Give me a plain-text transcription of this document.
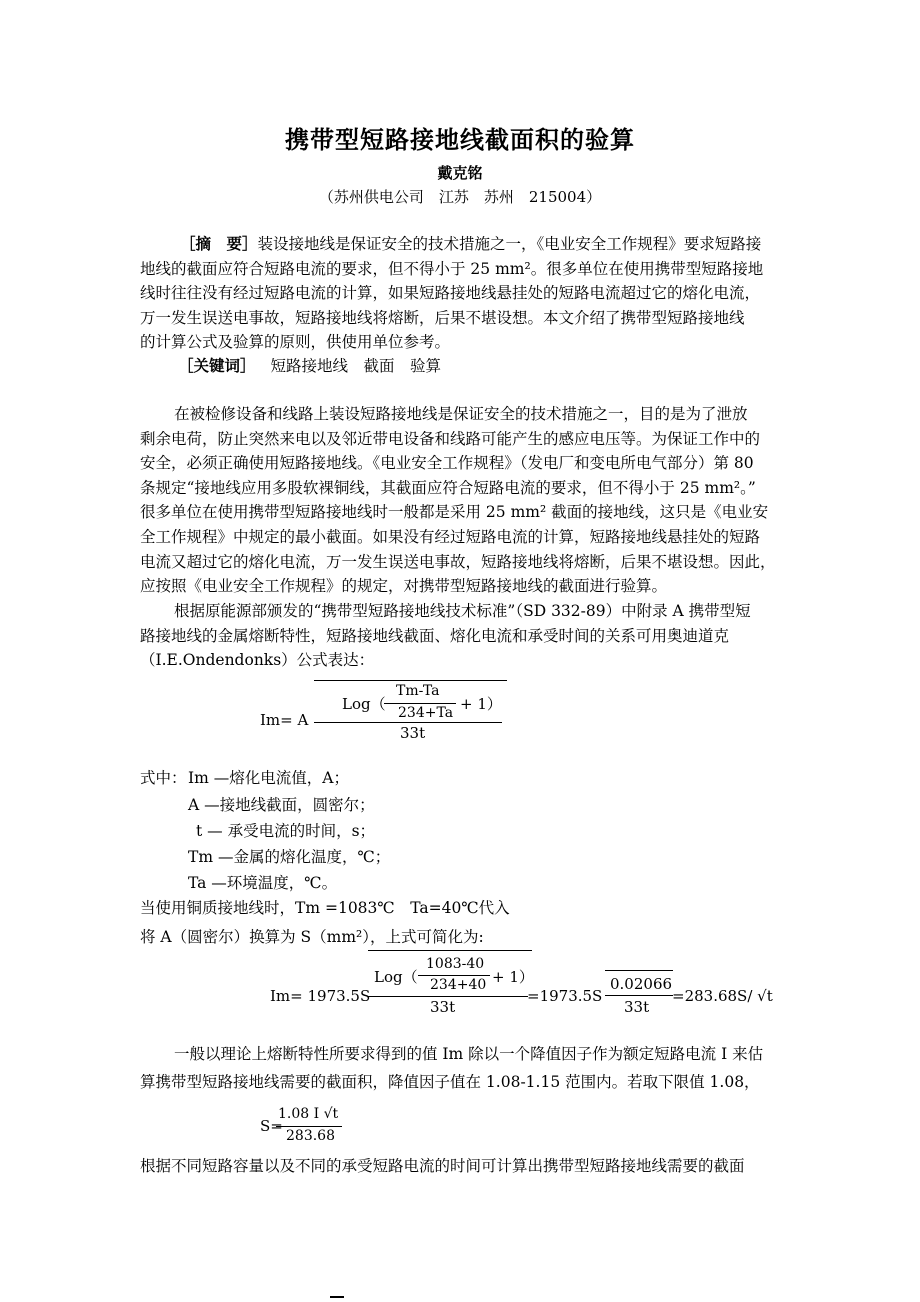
携带型短路接地线截面积的验算
戴克铭
（苏州供电公司　江苏　苏州　215004）
［摘　要］装设接地线是保证安全的技术措施之一，《电业安全工作规程》要求短路接
地线的截面应符合短路电流的要求，但不得小于 25 mm²。很多单位在使用携带型短路接地
线时往往没有经过短路电流的计算，如果短路接地线悬挂处的短路电流超过它的熔化电流，
万一发生误送电事故，短路接地线将熔断，后果不堪设想。本文介绍了携带型短路接地线
的计算公式及验算的原则，供使用单位参考。
［关键词］ 短路接地线　截面　验算
在被检修设备和线路上装设短路接地线是保证安全的技术措施之一，目的是为了泄放
剩余电荷，防止突然来电以及邻近带电设备和线路可能产生的感应电压等。为保证工作中的
安全，必须正确使用短路接地线。《电业安全工作规程》（发电厂和变电所电气部分）第 80
条规定“接地线应用多股软裸铜线，其截面应符合短路电流的要求，但不得小于 25 mm²。”
很多单位在使用携带型短路接地线时一般都是采用 25 mm² 截面的接地线，这只是《电业安
全工作规程》中规定的最小截面。如果没有经过短路电流的计算，短路接地线悬挂处的短路
电流又超过它的熔化电流，万一发生误送电事故，短路接地线将熔断，后果不堪设想。因此，
应按照《电业安全工作规程》的规定，对携带型短路接地线的截面进行验算。
根据原能源部颁发的“携带型短路接地线技术标准”（SD 332-89）中附录 A 携带型短
路接地线的金属熔断特性，短路接地线截面、熔化电流和承受时间的关系可用奥迪道克
（I.E.Ondendonks）公式表达：
Im= A
Log（
Tm-Ta
234+Ta + 1）
33t
式中： Im —熔化电流值，A；
A —接地线截面，圆密尔；
t — 承受电流的时间，s；
Tm —金属的熔化温度，℃；
Ta —环境温度，℃。
当使用铜质接地线时，Tm =1083℃　Ta=40℃代入
将 A（圆密尔）换算为 S（mm²），上式可简化为:
Im= 1973.5S
Log（
1083-40
234+40 + 1）
33t
=1973.5S
0.02066
33t
=283.68S/ √t
一般以理论上熔断特性所要求得到的值 Im 除以一个降值因子作为额定短路电流 I 来估
算携带型短路接地线需要的截面积，降值因子值在 1.08-1.15 范围内。若取下限值 1.08，
S=
1.08 I √t
283.68
根据不同短路容量以及不同的承受短路电流的时间可计算出携带型短路接地线需要的截面
